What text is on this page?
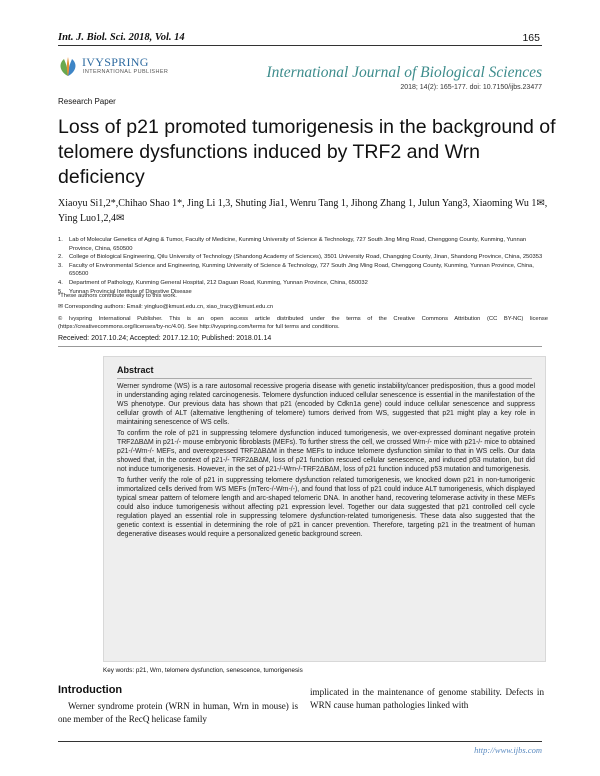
Int. J. Biol. Sci. 2018, Vol. 14	165
IVYSPRING
INTERNATIONAL PUBLISHER	International Journal of Biological Sciences
2018; 14(2): 165-177. doi: 10.7150/ijbs.23477
Research Paper
Loss of p21 promoted tumorigenesis in the background of telomere dysfunctions induced by TRF2 and Wrn deficiency
Xiaoyu Si1,2*,Chihao Shao 1*, Jing Li 1,3, Shuting Jia1, Wenru Tang 1, Jihong Zhang 1, Julun Yang3, Xiaoming Wu 1✉, Ying Luo1,2,4✉
1.	Lab of Molecular Genetics of Aging & Tumor, Faculty of Medicine, Kunming University of Science & Technology, 727 South Jing Ming Road, Chenggong County, Kunming, Yunnan Province, China, 650500
2.	College of Biological Engineering, Qilu University of Technology (Shandong Academy of Sciences), 3501 University Road, Changqing County, Jinan, Shandong Province, China, 250353
3.	Faculty of Environmental Science and Engineering, Kunming University of Science & Technology, 727 South Jing Ming Road, Chenggong County, Kunming, Yunnan Province, China, 650500
4.	Department of Pathology, Kunming General Hospital, 212 Daguan Road, Kunming, Yunnan Province, China, 650032
5.	Yunnan Provincial Institute of Digestive Disease
*These authors contribute equally to this work.
✉ Corresponding authors: Email: yingluo@kmust.edu.cn, xiao_tracy@kmust.edu.cn
© Ivyspring International Publisher. This is an open access article distributed under the terms of the Creative Commons Attribution (CC BY-NC) license (https://creativecommons.org/licenses/by-nc/4.0/). See http://ivyspring.com/terms for full terms and conditions.
Received: 2017.10.24; Accepted: 2017.12.10; Published: 2018.01.14
Abstract

Werner syndrome (WS) is a rare autosomal recessive progeria disease with genetic instability/cancer predisposition, thus a good model in understanding aging related carcinogenesis. Telomere dysfunction induced cellular senescence is essential in the manifestation of the WS phenotype. Our previous data has shown that p21 (encoded by Cdkn1a gene) could induce cellular senescence and suppress cellular growth of ALT (alternative lengthening of telomere) tumors derived from WS, suggested that p21 might play a key role in maintaining senescence of WS cells.

To confirm the role of p21 in suppressing telomere dysfunction induced tumorigenesis, we over-expressed dominant negative protein TRF2ΔBΔM in p21-/- mouse embryonic fibroblasts (MEFs). To further stress the cell, we crossed Wrn-/- mice with p21-/- mice to obtained p21-/-Wrn-/- MEFs, and overexpressed TRF2ΔBΔM in these MEFs to induce telomere dysfunction similar to that in WS cells. Our data showed that, in the context of p21-/- TRF2ΔBΔM, loss of p21 function rescued cellular senescence, and induced p53 mutation, but did not induce tumorigenesis. However, in the set of p21-/-Wrn-/-TRF2ΔBΔM, loss of p21 function induced p53 mutation and tumorigenesis.

To further verify the role of p21 in suppressing telomere dysfunction related tumorigenesis, we knocked down p21 in non-tumorigenic immortalized cells derived from WS MEFs (mTerc-/-Wrn-/-), and found that loss of p21 could induce ALT tumorigenesis, which displayed typical smear pattern of telomere length and arc-shaped telomeric DNA. In another hand, recovering telomerase activity in these MEFs could also induce tumorigenesis without affecting p21 expression level. Together our data suggested that p21 controlled cell cycle regulation played an essential role in suppressing telomere dysfunction-related tumorigenesis. These data also suggested that the genetic context is essential in determining the role of p21 in cancer prevention. Therefore, targeting p21 in the treatment of human degenerative diseases would require a personalized genetic background screen.

Key words: p21, Wrn, telomere dysfunction, senescence, tumorigenesis
Introduction

Werner syndrome protein (WRN in human, Wrn in mouse) is one member of the RecQ helicase family

implicated in the maintenance of genome stability. Defects in WRN cause human pathologies linked with

http://www.ijbs.com
